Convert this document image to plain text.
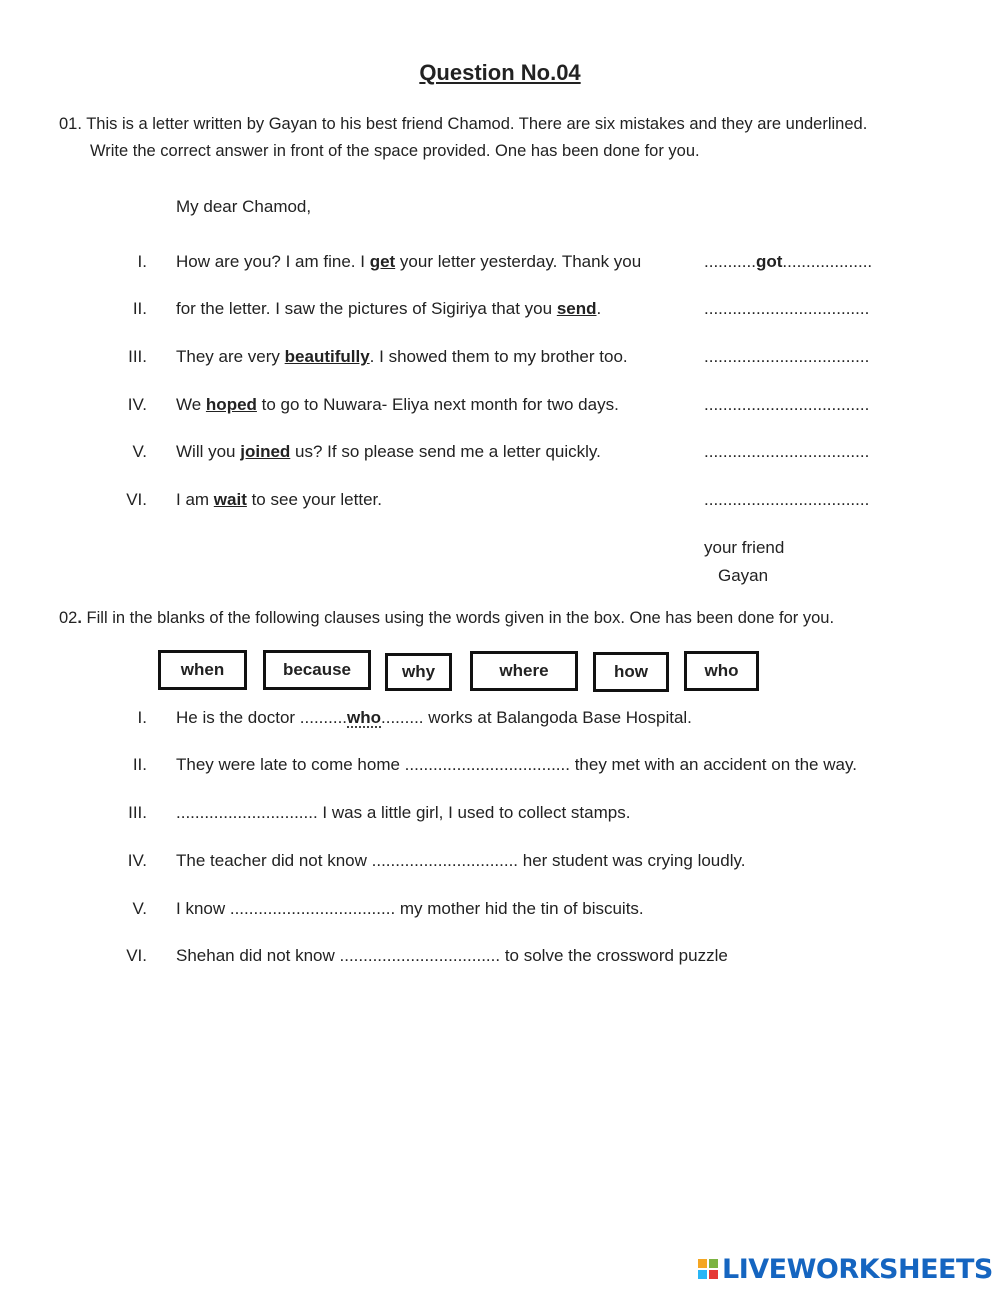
Question No.04
01. This is a letter written by Gayan to his best friend Chamod. There are six mistakes and they are underlined.
Write the correct answer in front of the space provided. One has been done for you.
My dear Chamod,
I. How are you? I am fine. I get your letter yesterday. Thank you	...........got...................
II. for the letter. I saw the pictures of Sigiriya that you send.	...................................
III. They are very beautifully. I showed them to my brother too.	...................................
IV. We hoped to go to Nuwara- Eliya next month for two days.	...................................
V. Will you joined us? If so please send me a letter quickly.	...................................
VI. I am wait to see your letter.	...................................
your friend
Gayan
02. Fill in the blanks of the following clauses using the words given in the box. One has been done for you.
when	because	why	where	how	who
I. He is the doctor ..........who......... works at Balangoda Base Hospital.
II. They were late to come home ................................... they met with an accident on the way.
III. .............................. I was a little girl, I used to collect stamps.
IV. The teacher did not know ............................... her student was crying loudly.
V. I know ................................... my mother hid the tin of biscuits.
VI. Shehan did not know .................................. to solve the crossword puzzle
LIVEWORKSHEETS
